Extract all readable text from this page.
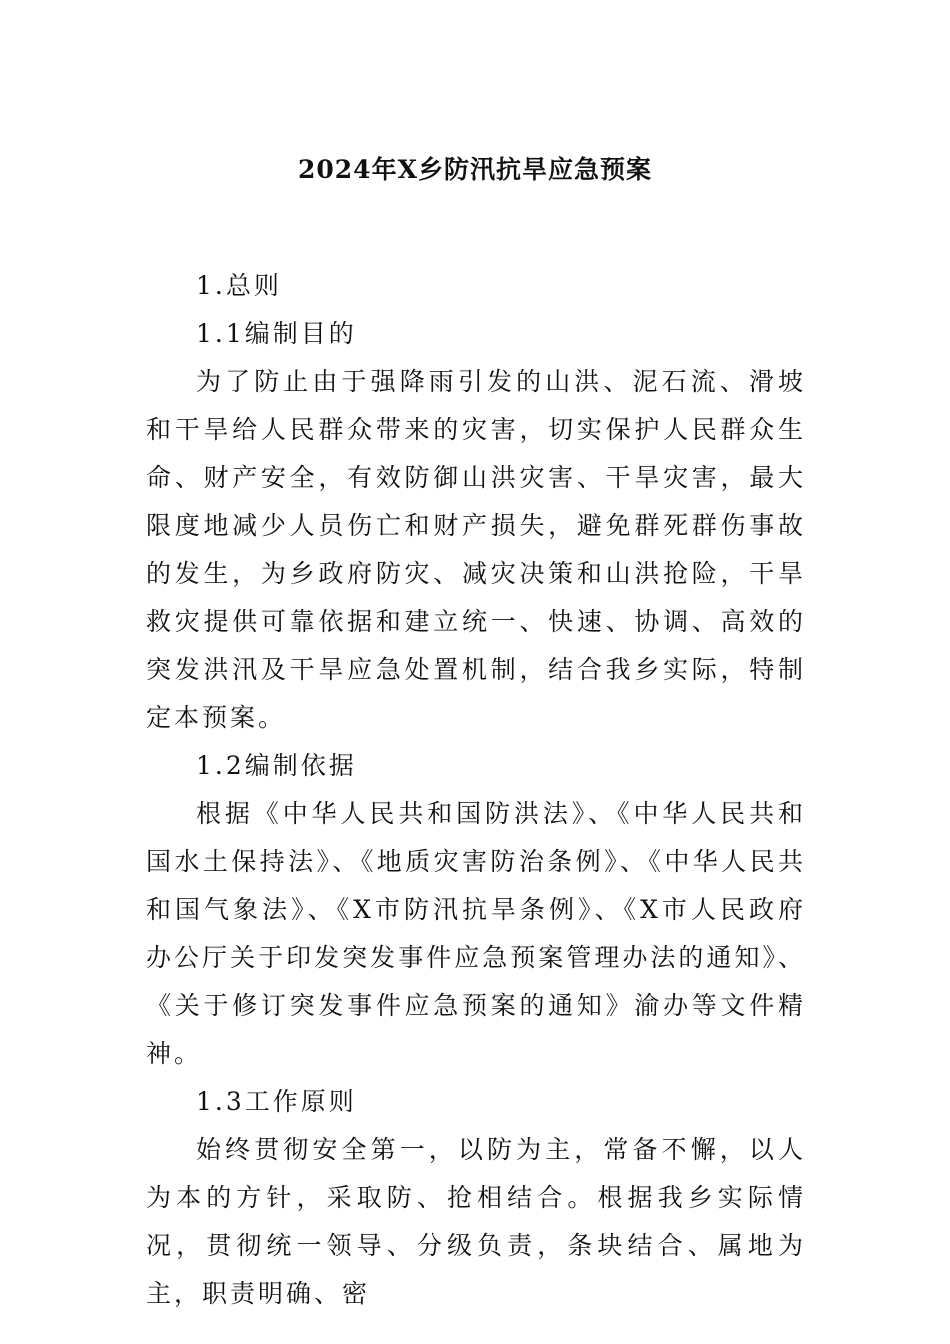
2024年X乡防汛抗旱应急预案

1.总则

1.1编制目的

为了防止由于强降雨引发的山洪、泥石流、滑坡和干旱给人民群众带来的灾害，切实保护人民群众生命、财产安全，有效防御山洪灾害、干旱灾害，最大限度地减少人员伤亡和财产损失，避免群死群伤事故的发生，为乡政府防灾、减灾决策和山洪抢险，干旱救灾提供可靠依据和建立统一、快速、协调、高效的突发洪汛及干旱应急处置机制，结合我乡实际，特制定本预案。

1.2编制依据

根据《中华人民共和国防洪法》、《中华人民共和国水土保持法》、《地质灾害防治条例》、《中华人民共和国气象法》、《X市防汛抗旱条例》、《X市人民政府办公厅关于印发突发事件应急预案管理办法的通知》、《关于修订突发事件应急预案的通知》渝办等文件精神。

1.3工作原则

始终贯彻安全第一，以防为主，常备不懈，以人为本的方针，采取防、抢相结合。根据我乡实际情况，贯彻统一领导、分级负责，条块结合、属地为主，职责明确、密
